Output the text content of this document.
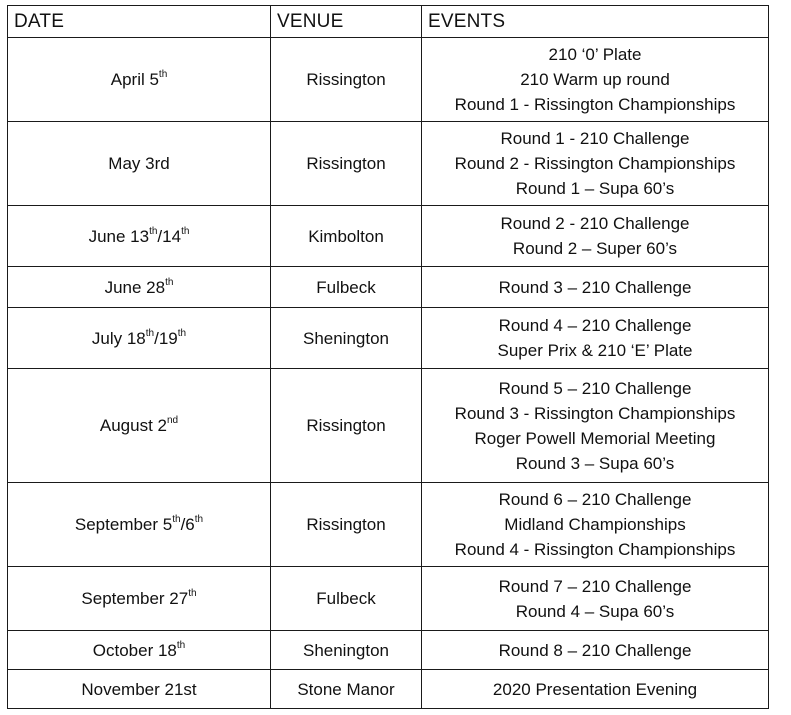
DATE	VENUE	EVENTS
April 5th	Rissington	210 ‘0’ Plate
210 Warm up round
Round 1 - Rissington Championships

May 3rd	Rissington	Round 1 - 210 Challenge
Round 2 - Rissington Championships
Round 1 – Supa 60’s

June 13th/14th	Kimbolton	Round 2 - 210 Challenge
Round 2 – Super 60’s

June 28th	Fulbeck	Round 3 – 210 Challenge

July 18th/19th	Shenington	Round 4 – 210 Challenge
Super Prix & 210 ‘E’ Plate

August 2nd	Rissington	Round 5 – 210 Challenge
Round 3 - Rissington Championships
Roger Powell Memorial Meeting
Round 3 – Supa 60’s

September 5th/6th	Rissington	Round 6 – 210 Challenge
Midland Championships
Round 4 - Rissington Championships

September 27th	Fulbeck	Round 7 – 210 Challenge
Round 4 – Supa 60’s

October 18th	Shenington	Round 8 – 210 Challenge

November 21st	Stone Manor	2020 Presentation Evening
